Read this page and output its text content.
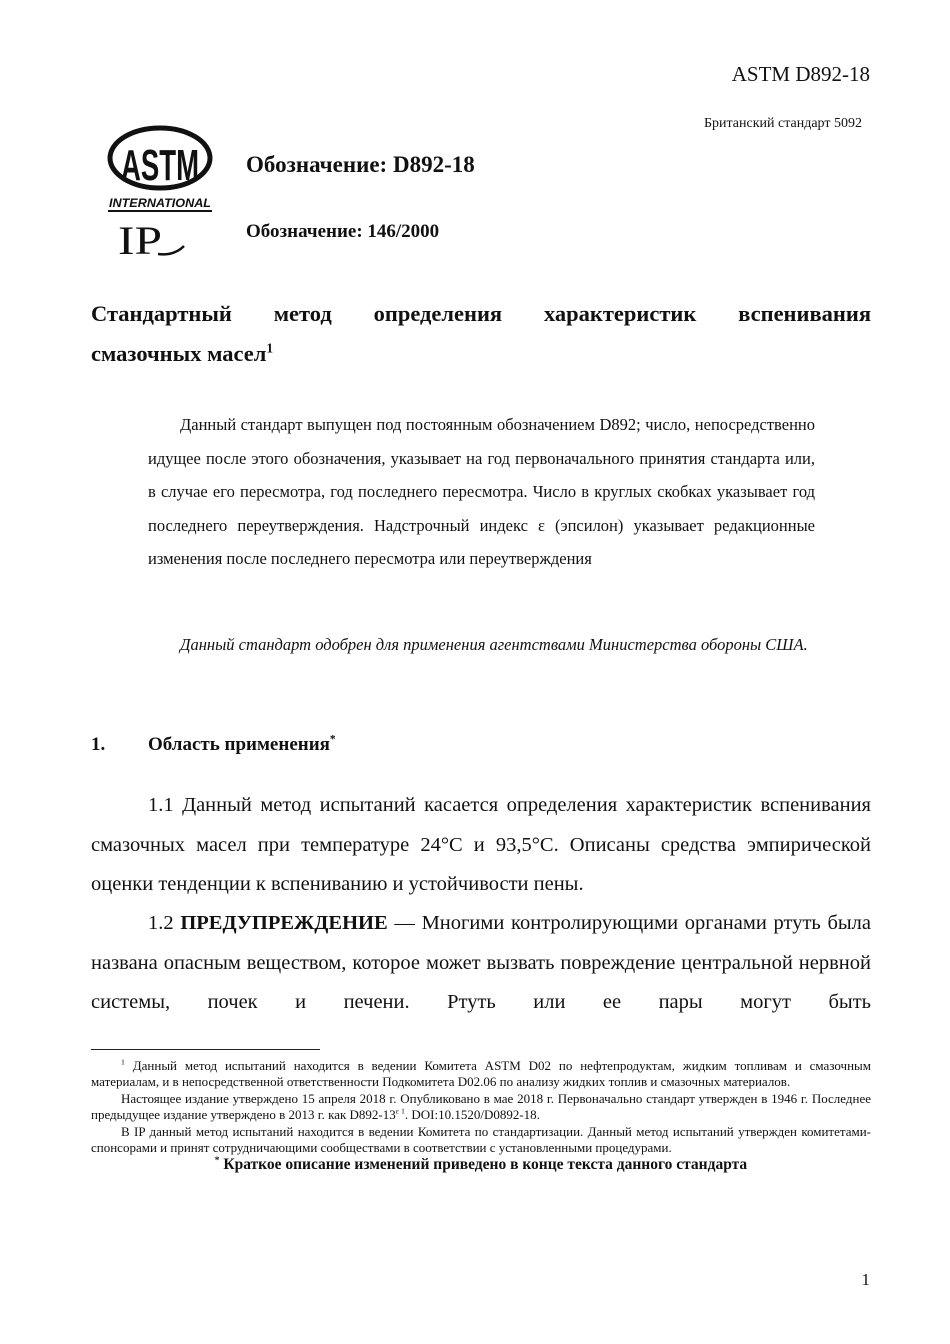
ASTM D892-18
Британский стандарт 5092
ASTM
INTERNATIONAL
IP
Обозначение: D892-18
Обозначение: 146/2000
Стандартный метод определения характеристик вспенивания
смазочных масел$^1$
Данный стандарт выпущен под постоянным обозначением D892; число, непосредственно идущее после этого обозначения, указывает на год первоначального принятия стандарта или, в случае его пересмотра, год последнего пересмотра. Число в круглых скобках указывает год последнего переутверждения. Надстрочный индекс ε (эпсилон) указывает редакционные изменения после последнего пересмотра или переутверждения
Данный стандарт одобрен для применения агентствами Министерства обороны США.
1. Область применения*
1.1 Данный метод испытаний касается определения характеристик вспенивания смазочных масел при температуре 24°C и 93,5°C. Описаны средства эмпирической оценки тенденции к вспениванию и устойчивости пены.
1.2 ПРЕДУПРЕЖДЕНИЕ — Многими контролирующими органами ртуть была названа опасным веществом, которое может вызвать повреждение центральной нервной системы, почек и печени. Ртуть или ее пары могут быть

$^1$ Данный метод испытаний находится в ведении Комитета ASTM D02 по нефтепродуктам, жидким топливам и смазочным материалам, и в непосредственной ответственности Подкомитета D02.06 по анализу жидких топлив и смазочных материалов.

Настоящее издание утверждено 15 апреля 2018 г. Опубликовано в мае 2018 г. Первоначально стандарт утвержден в 1946 г. Последнее предыдущее издание утверждено в 2013 г. как $D892-13^{\varepsilon 1}$. DOI:10.1520/D0892-18.

В IP данный метод испытаний находится в ведении Комитета по стандартизации. Данный метод испытаний утвержден комитетами-спонсорами и принят сотрудничающими сообществами в соответствии с установленными процедурами.

* Краткое описание изменений приведено в конце текста данного стандарта
1
